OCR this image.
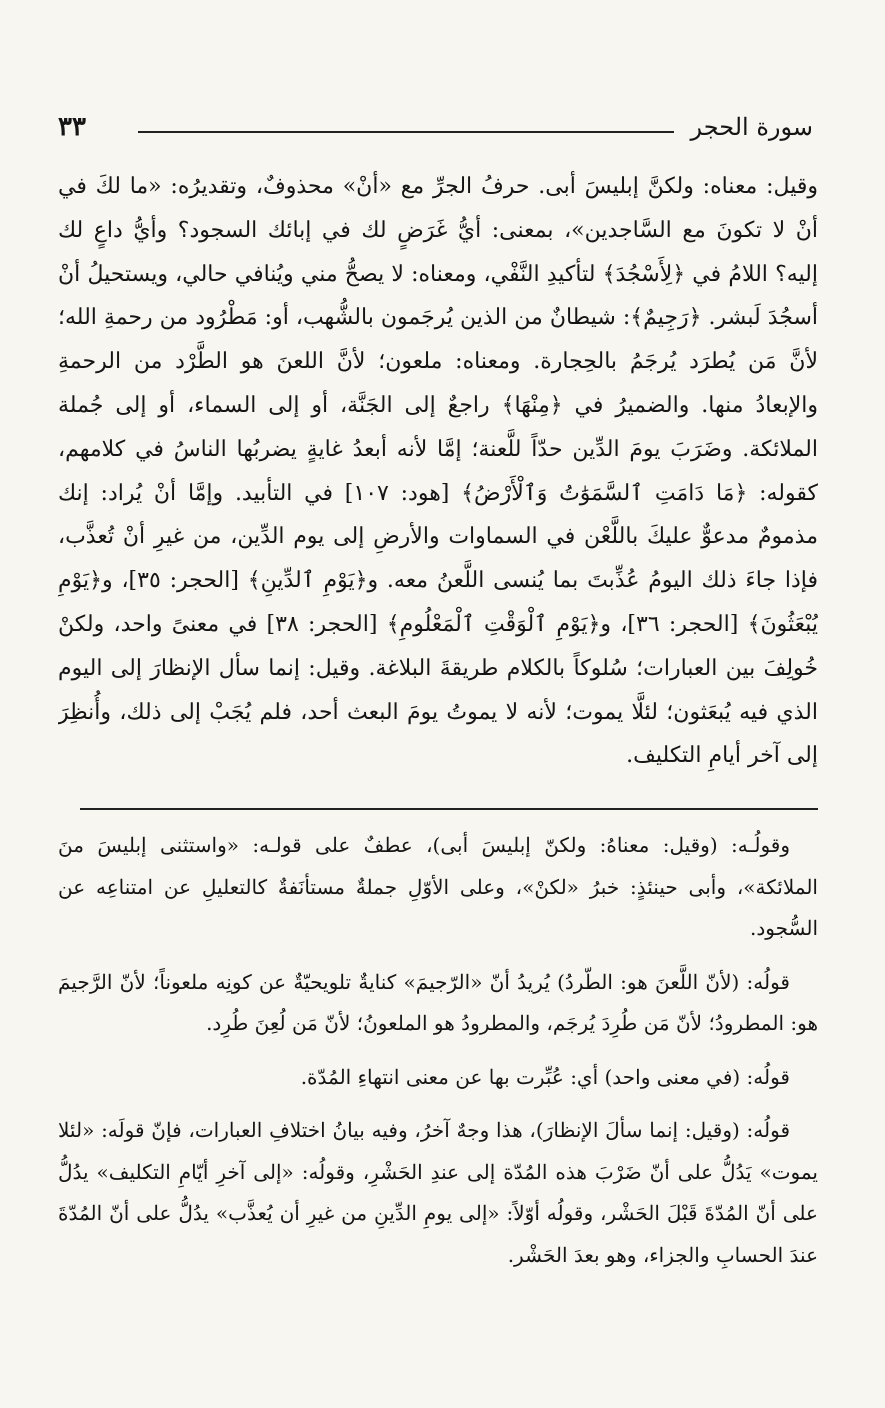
٣٣	سورة الحجر
وقيل: معناه: ولكنَّ إبليسَ أبى. حرفُ الجرِّ مع «أنْ» محذوفٌ، وتقديرُه: «ما لكَ في أنْ لا تكونَ مع السَّاجدين»، بمعنى: أيُّ غَرَضٍ لك في إبائك السجود؟ وأيُّ داعٍ لك إليه؟ اللامُ في ﴿لِأَسْجُدَ﴾ لتأكيدِ النَّفْي، ومعناه: لا يصحُّ مني ويُنافي حالي، ويستحيلُ أنْ أسجُدَ لَبشر. ﴿رَجِيمٌ﴾: شيطانٌ من الذين يُرجَمون بالشُّهب، أو: مَطْرُود من رحمةِ الله؛ لأنَّ مَن يُطرَد يُرجَمُ بالحِجارة. ومعناه: ملعون؛ لأنَّ اللعنَ هو الطَّرْد من الرحمةِ والإبعادُ منها. والضميرُ في ﴿مِنْهَا﴾ راجعٌ إلى الجَنَّة، أو إلى السماء، أو إلى جُملة الملائكة. وضَرَبَ يومَ الدِّين حدّاً للَّعنة؛ إمَّا لأنه أبعدُ غايةٍ يضربُها الناسُ في كلامهم، كقوله: ﴿مَا دَامَتِ ٱلسَّمَوَٰتُ وَٱلْأَرْضُ﴾ [هود: ١٠٧] في التأبيد. وإمَّا أنْ يُراد: إنك مذمومٌ مدعوٌّ عليكَ باللَّعْن في السماوات والأرضِ إلى يوم الدِّين، من غيرِ أنْ تُعذَّب، فإذا جاءَ ذلك اليومُ عُذِّبتَ بما يُنسى اللَّعنُ معه. و﴿يَوْمِ ٱلدِّينِ﴾ [الحجر: ٣٥]، و﴿يَوْمِ يُبْعَثُونَ﴾ [الحجر: ٣٦]، و﴿يَوْمِ ٱلْوَقْتِ ٱلْمَعْلُومِ﴾ [الحجر: ٣٨] في معنىً واحد، ولكنْ خُولِفَ بين العبارات؛ سُلوكاً بالكلام طريقةَ البلاغة. وقيل: إنما سأل الإنظارَ إلى اليوم الذي فيه يُبعَثون؛ لئلَّا يموت؛ لأنه لا يموتُ يومَ البعث أحد، فلم يُجَبْ إلى ذلك، وأُنظِرَ إلى آخر أيامِ التكليف.

وقولُـه: (وقيل: معناهُ: ولكنّ إبليسَ أبى)، عطفٌ على قولـه: «واستثنى إبليسَ منَ الملائكة»، وأبى حينئذٍ: خبرُ «لكنْ»، وعلى الأوّلِ جملةٌ مستأنَفةٌ كالتعليلِ عن امتناعِه عن السُّجود.

قولُه: (لأنّ اللَّعنَ هو: الطّردُ) يُريدُ أنّ «الرّجيمَ» كنايةٌ تلويحيّةٌ عن كونِه ملعوناً؛ لأنّ الرَّجيمَ هو: المطرودُ؛ لأنّ مَن طُرِدَ يُرجَم، والمطرودُ هو الملعونُ؛ لأنّ مَن لُعِنَ طُرِد.

قولُه: (في معنى واحد) أي: عُبِّرت بها عن معنى انتهاءِ المُدّة.

قولُه: (وقيل: إنما سألَ الإنظارَ)، هذا وجهٌ آخرُ، وفيه بيانُ اختلافِ العبارات، فإنّ قولَه: «لئلا يموت» يَدُلُّ على أنّ ضَرْبَ هذه المُدّة إلى عندِ الحَشْرِ، وقولُه: «إلى آخرِ أيّامِ التكليف» يدُلُّ على أنّ المُدّةَ قَبْلَ الحَشْر، وقولُه أوّلاً: «إلى يومِ الدِّينِ من غيرِ أن يُعذَّب» يدُلُّ على أنّ المُدّةَ عندَ الحسابِ والجزاء، وهو بعدَ الحَشْر.
